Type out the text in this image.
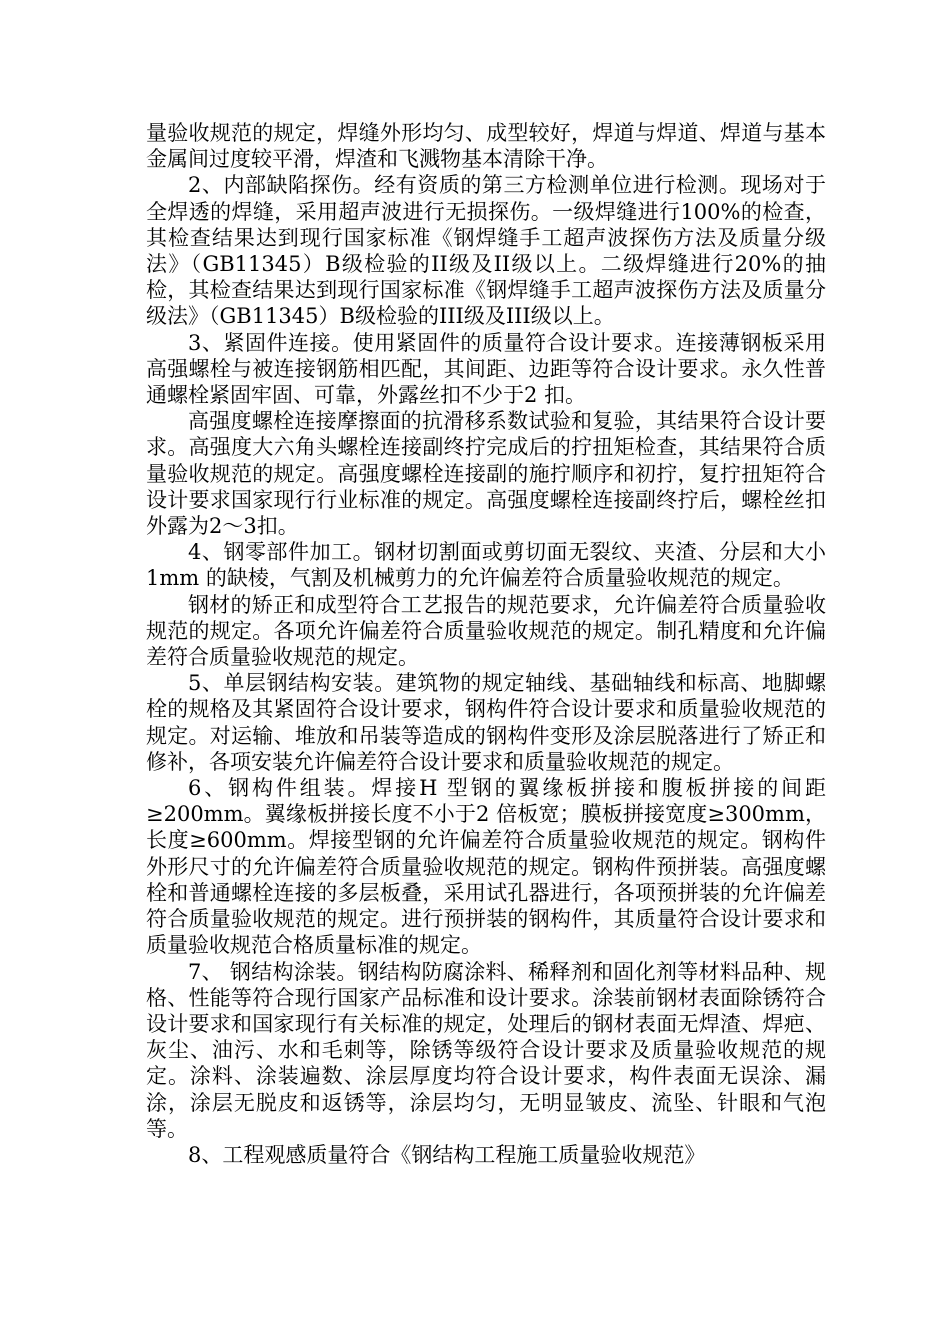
量验收规范的规定，焊缝外形均匀、成型较好，焊道与焊道、焊道与基本金属间过度较平滑，焊渣和飞溅物基本清除干净。

2、内部缺陷探伤。经有资质的第三方检测单位进行检测。现场对于全焊透的焊缝，采用超声波进行无损探伤。一级焊缝进行100%的检查，其检查结果达到现行国家标准《钢焊缝手工超声波探伤方法及质量分级法》（GB11345）B级检验的II级及II级以上。二级焊缝进行20%的抽检，其检查结果达到现行国家标准《钢焊缝手工超声波探伤方法及质量分级法》（GB11345）B级检验的III级及III级以上。

3、紧固件连接。使用紧固件的质量符合设计要求。连接薄钢板采用高强螺栓与被连接钢筋相匹配，其间距、边距等符合设计要求。永久性普通螺栓紧固牢固、可靠，外露丝扣不少于2 扣。

高强度螺栓连接摩擦面的抗滑移系数试验和复验，其结果符合设计要求。高强度大六角头螺栓连接副终拧完成后的拧扭矩检查，其结果符合质量验收规范的规定。高强度螺栓连接副的施拧顺序和初拧，复拧扭矩符合设计要求国家现行行业标准的规定。高强度螺栓连接副终拧后，螺栓丝扣外露为2～3扣。

4、钢零部件加工。钢材切割面或剪切面无裂纹、夹渣、分层和大小1mm 的缺棱，气割及机械剪力的允许偏差符合质量验收规范的规定。

钢材的矫正和成型符合工艺报告的规范要求，允许偏差符合质量验收规范的规定。各项允许偏差符合质量验收规范的规定。制孔精度和允许偏差符合质量验收规范的规定。

5、单层钢结构安装。建筑物的规定轴线、基础轴线和标高、地脚螺栓的规格及其紧固符合设计要求，钢构件符合设计要求和质量验收规范的规定。对运输、堆放和吊装等造成的钢构件变形及涂层脱落进行了矫正和修补，各项安装允许偏差符合设计要求和质量验收规范的规定。

6、钢构件组装。焊接H 型钢的翼缘板拼接和腹板拼接的间距≥200mm。翼缘板拼接长度不小于2 倍板宽；膜板拼接宽度≥300mm，长度≥600mm。焊接型钢的允许偏差符合质量验收规范的规定。钢构件外形尺寸的允许偏差符合质量验收规范的规定。钢构件预拼装。高强度螺栓和普通螺栓连接的多层板叠，采用试孔器进行，各项预拼装的允许偏差符合质量验收规范的规定。进行预拼装的钢构件，其质量符合设计要求和质量验收规范合格质量标准的规定。

7、 钢结构涂装。钢结构防腐涂料、稀释剂和固化剂等材料品种、规格、性能等符合现行国家产品标准和设计要求。涂装前钢材表面除锈符合设计要求和国家现行有关标准的规定，处理后的钢材表面无焊渣、焊疤、灰尘、油污、水和毛刺等，除锈等级符合设计要求及质量验收规范的规定。涂料、涂装遍数、涂层厚度均符合设计要求，构件表面无误涂、漏涂，涂层无脱皮和返锈等，涂层均匀，无明显皱皮、流坠、针眼和气泡等。

8、工程观感质量符合《钢结构工程施工质量验收规范》
